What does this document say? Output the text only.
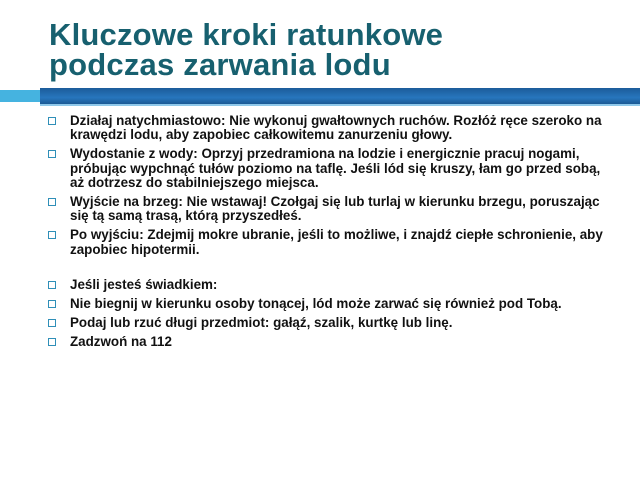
Kluczowe kroki ratunkowe
podczas zarwania lodu
Działaj natychmiastowo: Nie wykonuj gwałtownych ruchów. Rozłóż ręce szeroko na krawędzi lodu, aby zapobiec całkowitemu zanurzeniu głowy.
Wydostanie z wody: Oprzyj przedramiona na lodzie i energicznie pracuj nogami, próbując wypchnąć tułów poziomo na taflę. Jeśli lód się kruszy, łam go przed sobą, aż dotrzesz do stabilniejszego miejsca.
Wyjście na brzeg: Nie wstawaj! Czołgaj się lub turlaj w kierunku brzegu, poruszając się tą samą trasą, którą przyszedłeś.
Po wyjściu: Zdejmij mokre ubranie, jeśli to możliwe, i znajdź ciepłe schronienie, aby zapobiec hipotermii.
Jeśli jesteś świadkiem:
Nie biegnij w kierunku osoby tonącej, lód może zarwać się również pod Tobą.
Podaj lub rzuć długi przedmiot: gałąź, szalik, kurtkę lub linę.
Zadzwoń na 112
